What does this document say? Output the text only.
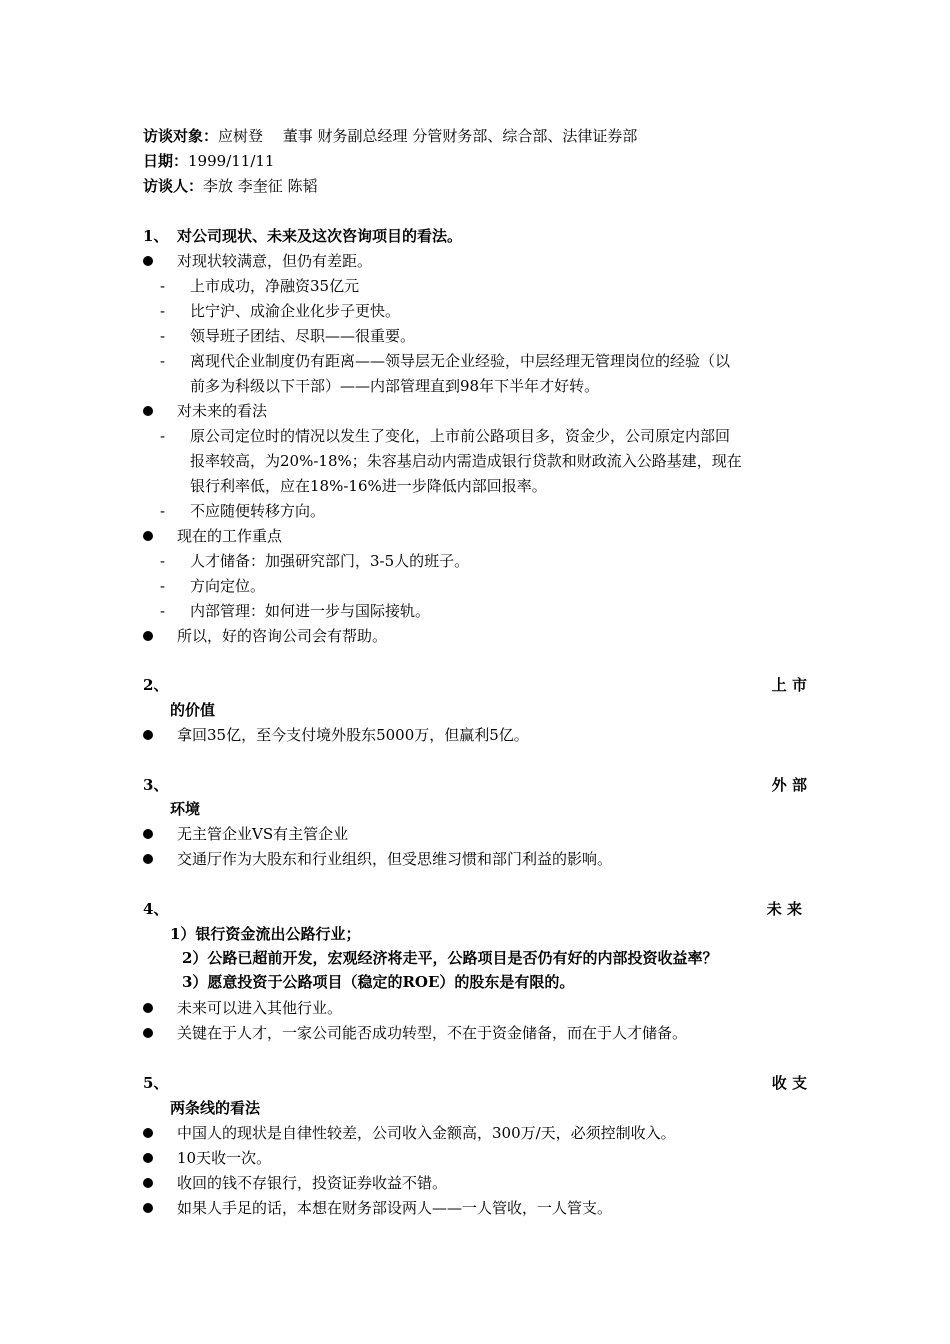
访谈对象：应树登 　董事 财务副总经理 分管财务部、综合部、法律证券部
日期：1999/11/11
访谈人：李放 李奎征 陈韬
1、 对公司现状、未来及这次咨询项目的看法。
对现状较满意，但仍有差距。
- 上市成功，净融资35亿元
- 比宁沪、成渝企业化步子更快。
- 领导班子团结、尽职——很重要。
- 离现代企业制度仍有距离——领导层无企业经验，中层经理无管理岗位的经验（以
前多为科级以下干部）——内部管理直到98年下半年才好转。
对未来的看法
- 原公司定位时的情况以发生了变化，上市前公路项目多，资金少，公司原定内部回
报率较高，为20%-18%；朱容基启动内需造成银行贷款和财政流入公路基建，现在
银行利率低，应在18%-16%进一步降低内部回报率。
- 不应随便转移方向。
现在的工作重点
- 人才储备：加强研究部门，3-5人的班子。
- 方向定位。
- 内部管理：如何进一步与国际接轨。
所以，好的咨询公司会有帮助。
2、	上 市
的价值
拿回35亿，至今支付境外股东5000万，但赢利5亿。
3、	外 部
环境
无主管企业VS有主管企业
交通厅作为大股东和行业组织，但受思维习惯和部门利益的影响。
4、	未 来
1）银行资金流出公路行业；
2）公路已超前开发，宏观经济将走平，公路项目是否仍有好的内部投资收益率？
3）愿意投资于公路项目（稳定的ROE）的股东是有限的。
未来可以进入其他行业。
关键在于人才，一家公司能否成功转型，不在于资金储备，而在于人才储备。
5、	收 支
两条线的看法
中国人的现状是自律性较差，公司收入金额高，300万/天，必须控制收入。
10天收一次。
收回的钱不存银行，投资证券收益不错。
如果人手足的话，本想在财务部设两人——一人管收，一人管支。
